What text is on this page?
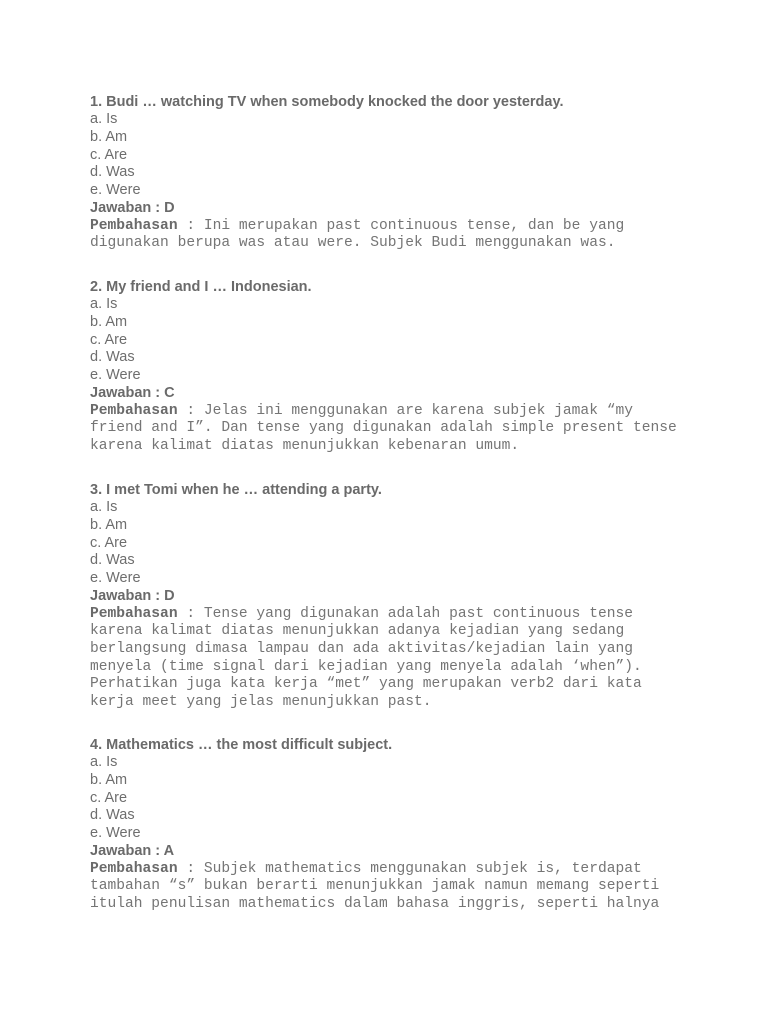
1. Budi … watching TV when somebody knocked the door yesterday.

a. Is

b. Am

c. Are

d. Was

e. Were

Jawaban : D

Pembahasan : Ini merupakan past continuous tense, dan be yang digunakan berupa was atau were. Subjek Budi menggunakan was.

2. My friend and I … Indonesian.

a. Is

b. Am

c. Are

d. Was

e. Were

Jawaban : C

Pembahasan : Jelas ini menggunakan are karena subjek jamak “my friend and I”. Dan tense yang digunakan adalah simple present tense karena kalimat diatas menunjukkan kebenaran umum.

3. I met Tomi when he … attending a party.

a. Is

b. Am

c. Are

d. Was

e. Were

Jawaban : D

Pembahasan : Tense yang digunakan adalah past continuous tense karena kalimat diatas menunjukkan adanya kejadian yang sedang berlangsung dimasa lampau dan ada aktivitas/kejadian lain yang menyela (time signal dari kejadian yang menyela adalah ‘when”). Perhatikan juga kata kerja “met” yang merupakan verb2 dari kata kerja meet yang jelas menunjukkan past.

4. Mathematics … the most difficult subject.

a. Is

b. Am

c. Are

d. Was

e. Were

Jawaban : A

Pembahasan : Subjek mathematics menggunakan subjek is, terdapat tambahan “s” bukan berarti menunjukkan jamak namun memang seperti itulah penulisan mathematics dalam bahasa inggris, seperti halnya
